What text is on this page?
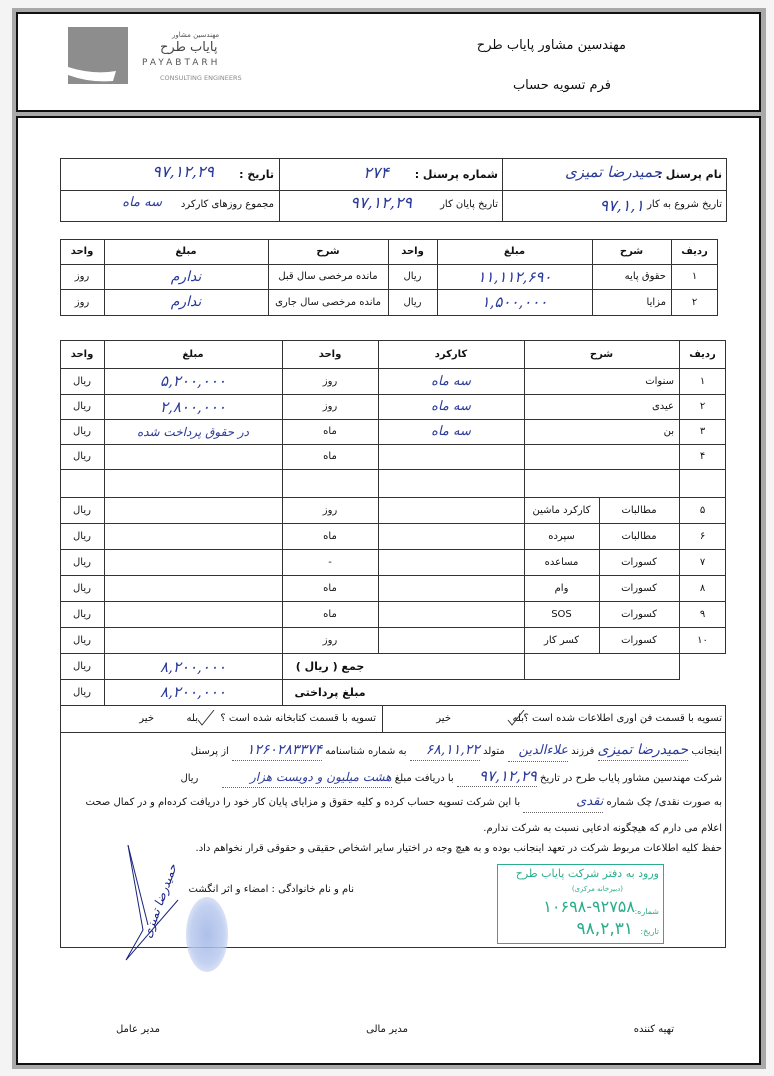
مهندسین مشاور
پایاب طرح
PAYABTARH
CONSULTING ENGINEERS
مهندسین مشاور پایاب طرح
فرم تسویه حساب
نام پرسنل :
حمیدرضا تمیزی
شماره پرسنل :
۲۷۴
تاریخ :
۹۷,۱۲,۲۹
تاریخ شروع به کار
۹۷,۱,۱
تاریخ پایان کار
۹۷,۱۲,۲۹
مجموع روزهای کارکرد
سه ماه
ردیف
شرح
مبلغ
واحد
شرح
مبلغ
واحد
۱
حقوق پایه
۱۱,۱۱۲,۶۹۰
ریال
مانده مرخصی سال قبل
ندارم
روز
۲
مزایا
۱,۵۰۰,۰۰۰
ریال
مانده مرخصی سال جاری
ندارم
روز
ردیف
شرح
کارکرد
واحد
مبلغ
واحد
۱
سنوات
سه ماه
روز
۵,۲۰۰,۰۰۰
ریال
۲
عیدی
سه ماه
روز
۲,۸۰۰,۰۰۰
ریال
۳
بن
سه ماه
ماه
در حقوق پرداخت شده
ریال
۴
ماه
ریال
۵
مطالبات
کارکرد ماشین
روز
ریال
۶
مطالبات
سپرده
ماه
ریال
۷
کسورات
مساعده
-
ریال
۸
کسورات
وام
ماه
ریال
۹
کسورات
SOS
ماه
ریال
۱۰
کسورات
کسر کار
روز
ریال
جمع ( ریال )
۸,۲۰۰,۰۰۰
ریال
مبلغ پرداختی
۸,۲۰۰,۰۰۰
ریال
تسویه با قسمت فن اوری اطلاعات شده است ؟
بله
خیر
تسویه با قسمت کتابخانه شده است ؟
بله
خیر
اینجانب حمیدرضا تمیزی فرزند علاءالدین متولد ۶۸,۱۱,۲۲ به شماره شناسنامه ۱۲۶۰۲۸۳۳۷۴ از پرسنل
شرکت مهندسین مشاور پایاب طرح در تاریخ ۹۷,۱۲,۲۹ با دریافت مبلغ هشت میلیون و دویست هزار ریال
به صورت نقدی/ چک شماره نقدی با این شرکت تسویه حساب کرده و کلیه حقوق و مزایای پایان کار خود را دریافت کرده‌ام و در کمال صحت
اعلام می دارم که هیچگونه ادعایی نسبت به شرکت ندارم.
حفظ کلیه اطلاعات مربوط شرکت در تعهد اینجانب بوده و به هیچ وجه در اختیار سایر اشخاص حقیقی و حقوقی قرار نخواهم داد.
نام و نام خانوادگی : امضاء و اثر انگشت
حمیدرضا تمیزی	ورود به دفتر شرکت پایاب طرح
(دبیرخانه مرکزی)
شماره:
۱۰۶۹۸-۹۲۷۵۸
تاریخ:
۹۸,۲,۳۱
تهیه کننده
مدیر مالی
مدیر عامل
